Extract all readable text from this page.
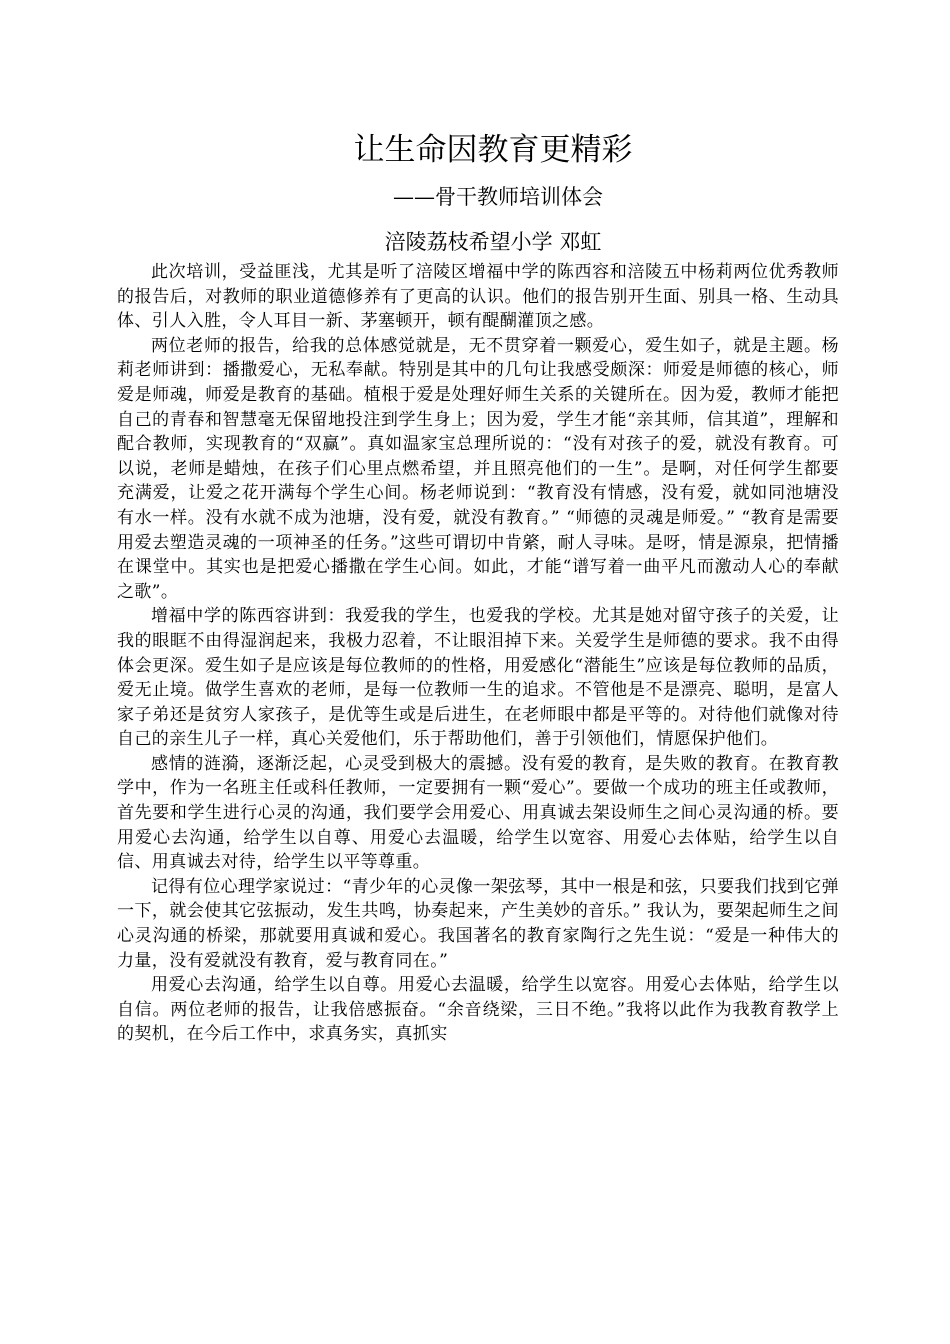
让生命因教育更精彩
——骨干教师培训体会
涪陵荔枝希望小学 邓虹

此次培训，受益匪浅，尤其是听了涪陵区增福中学的陈西容和涪陵五中杨莉两位优秀教师的报告后，对教师的职业道德修养有了更高的认识。他们的报告别开生面、别具一格、生动具体、引人入胜，令人耳目一新、茅塞顿开，顿有醍醐灌顶之感。

两位老师的报告，给我的总体感觉就是，无不贯穿着一颗爱心，爱生如子，就是主题。杨莉老师讲到：播撒爱心，无私奉献。特别是其中的几句让我感受颇深：师爱是师德的核心，师爱是师魂，师爱是教育的基础。植根于爱是处理好师生关系的关键所在。因为爱，教师才能把自己的青春和智慧毫无保留地投注到学生身上；因为爱，学生才能“亲其师，信其道”，理解和配合教师，实现教育的“双赢”。真如温家宝总理所说的：“没有对孩子的爱，就没有教育。可以说，老师是蜡烛，在孩子们心里点燃希望，并且照亮他们的一生”。是啊，对任何学生都要充满爱，让爱之花开满每个学生心间。杨老师说到：“教育没有情感，没有爱，就如同池塘没有水一样。没有水就不成为池塘，没有爱，就没有教育。” “师德的灵魂是师爱。” “教育是需要用爱去塑造灵魂的一项神圣的任务。”这些可谓切中肯綮，耐人寻味。是呀，情是源泉，把情播在课堂中。其实也是把爱心播撒在学生心间。如此，才能“谱写着一曲平凡而激动人心的奉献之歌”。

增福中学的陈西容讲到：我爱我的学生，也爱我的学校。尤其是她对留守孩子的关爱，让我的眼眶不由得湿润起来，我极力忍着，不让眼泪掉下来。关爱学生是师德的要求。我不由得体会更深。爱生如子是应该是每位教师的的性格，用爱感化“潜能生”应该是每位教师的品质，爱无止境。做学生喜欢的老师，是每一位教师一生的追求。不管他是不是漂亮、聪明，是富人家子弟还是贫穷人家孩子，是优等生或是后进生，在老师眼中都是平等的。对待他们就像对待自己的亲生儿子一样，真心关爱他们，乐于帮助他们，善于引领他们，情愿保护他们。

感情的涟漪，逐渐泛起，心灵受到极大的震撼。没有爱的教育，是失败的教育。在教育教学中，作为一名班主任或科任教师，一定要拥有一颗“爱心”。要做一个成功的班主任或教师，首先要和学生进行心灵的沟通，我们要学会用爱心、用真诚去架设师生之间心灵沟通的桥。要用爱心去沟通，给学生以自尊、用爱心去温暖，给学生以宽容、用爱心去体贴，给学生以自信、用真诚去对待，给学生以平等尊重。

记得有位心理学家说过：“青少年的心灵像一架弦琴，其中一根是和弦，只要我们找到它弹一下，就会使其它弦振动，发生共鸣，协奏起来，产生美妙的音乐。” 我认为，要架起师生之间心灵沟通的桥梁，那就要用真诚和爱心。我国著名的教育家陶行之先生说：“爱是一种伟大的力量，没有爱就没有教育，爱与教育同在。”

用爱心去沟通，给学生以自尊。用爱心去温暖，给学生以宽容。用爱心去体贴，给学生以自信。两位老师的报告，让我倍感振奋。“余音绕梁，三日不绝。”我将以此作为我教育教学上的契机，在今后工作中，求真务实，真抓实
